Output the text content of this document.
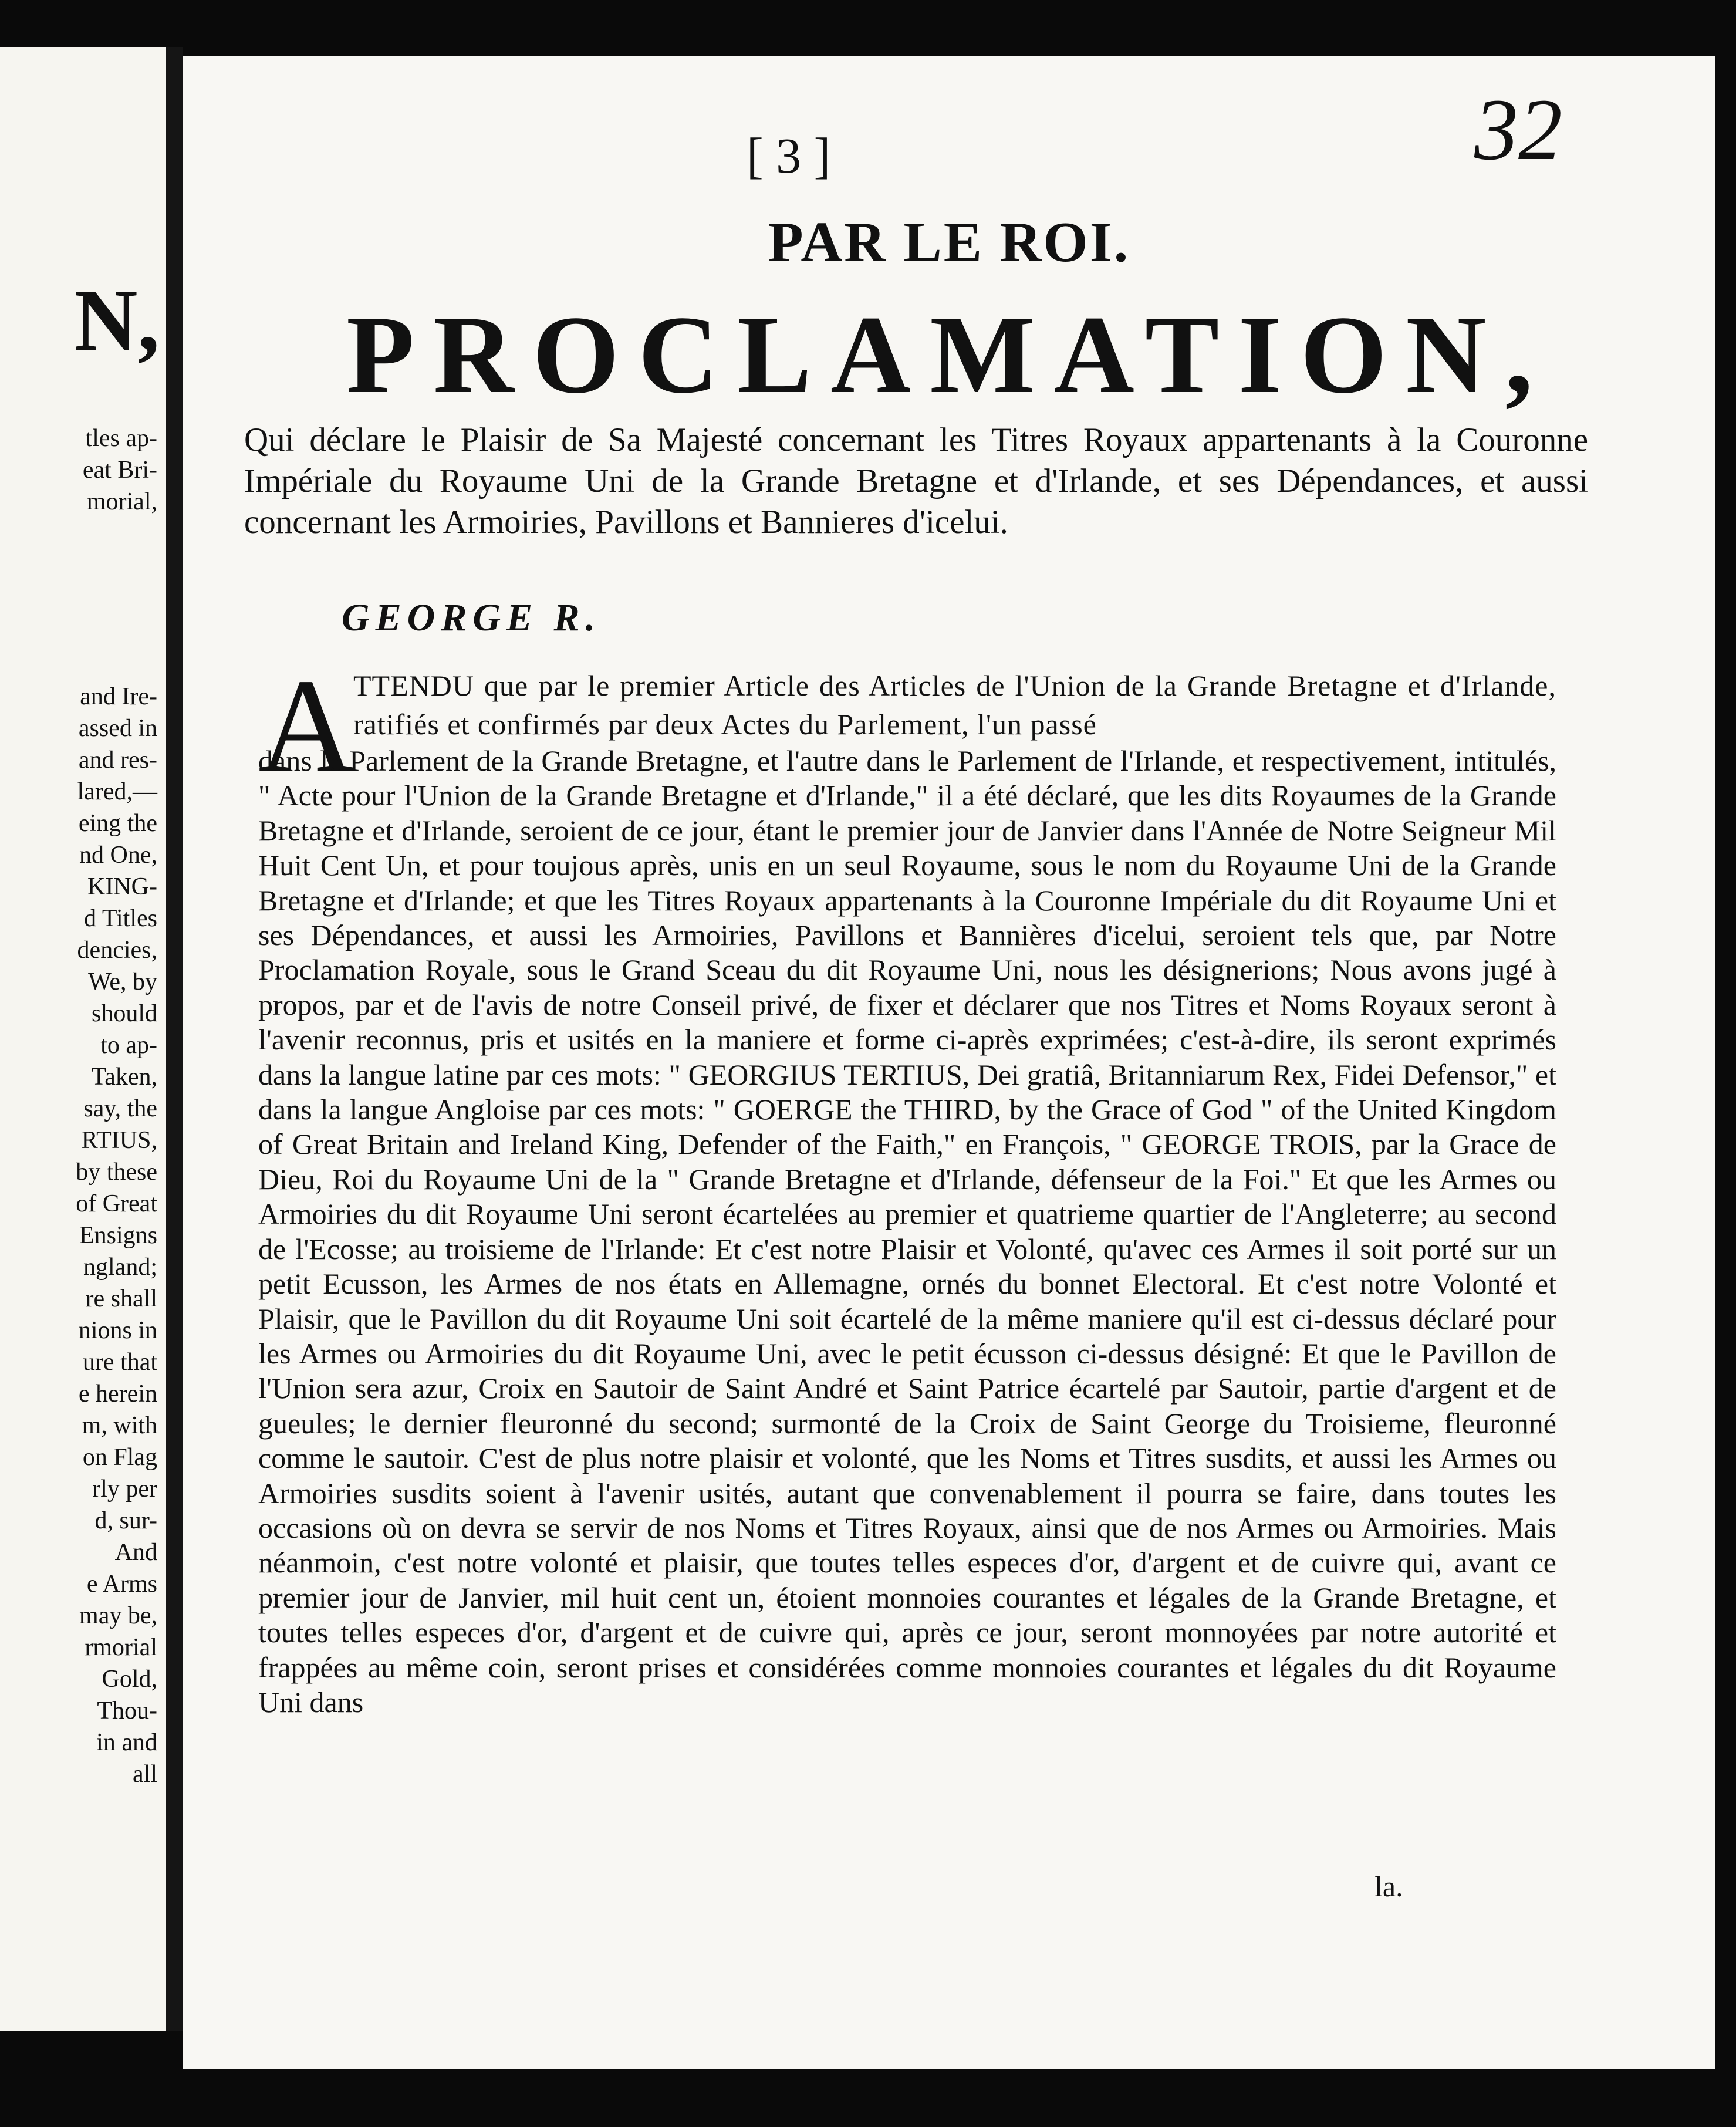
N,
tles ap-
eat Bri-
morial,
and Ire-
assed in
and res-
lared,—
eing the
nd One,
KING-
d Titles
dencies,
We, by
should
to ap-
Taken,
say, the
RTIUS,
by these
of Great
Ensigns
ngland;
re shall
nions in
ure that
e herein
m, with
on Flag
rly per
d, sur-
And
e Arms
may be,
rmorial
Gold,
Thou-
in and
all
[ 3 ]	32
PAR LE ROI.
PROCLAMATION,
Qui déclare le Plaisir de Sa Majesté concernant les Titres Royaux appartenants à la Couronne Impériale du Royaume Uni de la Grande Bretagne et d'Irlande, et ses Dépendances, et aussi concernant les Armoiries, Pavillons et Bannieres d'icelui.
GEORGE R.
A
TTENDU que par le premier Article des Articles de l'Union de la Grande Bretagne et d'Irlande, ratifiés et confirmés par deux Actes du Parlement, l'un passé
dans le Parlement de la Grande Bretagne, et l'autre dans le Parlement de l'Irlande, et respectivement, intitulés, " Acte pour l'Union de la Grande Bretagne et d'Irlande," il a été déclaré, que les dits Royaumes de la Grande Bretagne et d'Irlande, seroient de ce jour, étant le premier jour de Janvier dans l'Année de Notre Seigneur Mil Huit Cent Un, et pour toujous après, unis en un seul Royaume, sous le nom du Royaume Uni de la Grande Bretagne et d'Irlande; et que les Titres Royaux appartenants à la Couronne Impériale du dit Royaume Uni et ses Dépendances, et aussi les Armoiries, Pavillons et Bannières d'icelui, seroient tels que, par Notre Proclamation Royale, sous le Grand Sceau du dit Royaume Uni, nous les désignerions; Nous avons jugé à propos, par et de l'avis de notre Conseil privé, de fixer et déclarer que nos Titres et Noms Royaux seront à l'avenir reconnus, pris et usités en la maniere et forme ci-après exprimées; c'est-à-dire, ils seront exprimés dans la langue latine par ces mots: " GEORGIUS TERTIUS, Dei gratiâ, Britanniarum Rex, Fidei Defensor," et dans la langue Angloise par ces mots: " GOERGE the THIRD, by the Grace of God " of the United Kingdom of Great Britain and Ireland King, Defender of the Faith," en François, " GEORGE TROIS, par la Grace de Dieu, Roi du Royaume Uni de la " Grande Bretagne et d'Irlande, défenseur de la Foi." Et que les Armes ou Armoiries du dit Royaume Uni seront écartelées au premier et quatrieme quartier de l'Angleterre; au second de l'Ecosse; au troisieme de l'Irlande: Et c'est notre Plaisir et Volonté, qu'avec ces Armes il soit porté sur un petit Ecusson, les Armes de nos états en Allemagne, ornés du bonnet Electoral. Et c'est notre Volonté et Plaisir, que le Pavillon du dit Royaume Uni soit écartelé de la même maniere qu'il est ci-dessus déclaré pour les Armes ou Armoiries du dit Royaume Uni, avec le petit écusson ci-dessus désigné: Et que le Pavillon de l'Union sera azur, Croix en Sautoir de Saint André et Saint Patrice écartelé par Sautoir, partie d'argent et de gueules; le dernier fleuronné du second; surmonté de la Croix de Saint George du Troisieme, fleuronné comme le sautoir. C'est de plus notre plaisir et volonté, que les Noms et Titres susdits, et aussi les Armes ou Armoiries susdits soient à l'avenir usités, autant que convenablement il pourra se faire, dans toutes les occasions où on devra se servir de nos Noms et Titres Royaux, ainsi que de nos Armes ou Armoiries. Mais néanmoin, c'est notre volonté et plaisir, que toutes telles especes d'or, d'argent et de cuivre qui, avant ce premier jour de Janvier, mil huit cent un, étoient monnoies courantes et légales de la Grande Bretagne, et toutes telles especes d'or, d'argent et de cuivre qui, après ce jour, seront monnoyées par notre autorité et frappées au même coin, seront prises et considérées comme monnoies courantes et légales du dit Royaume Uni dans
la.
